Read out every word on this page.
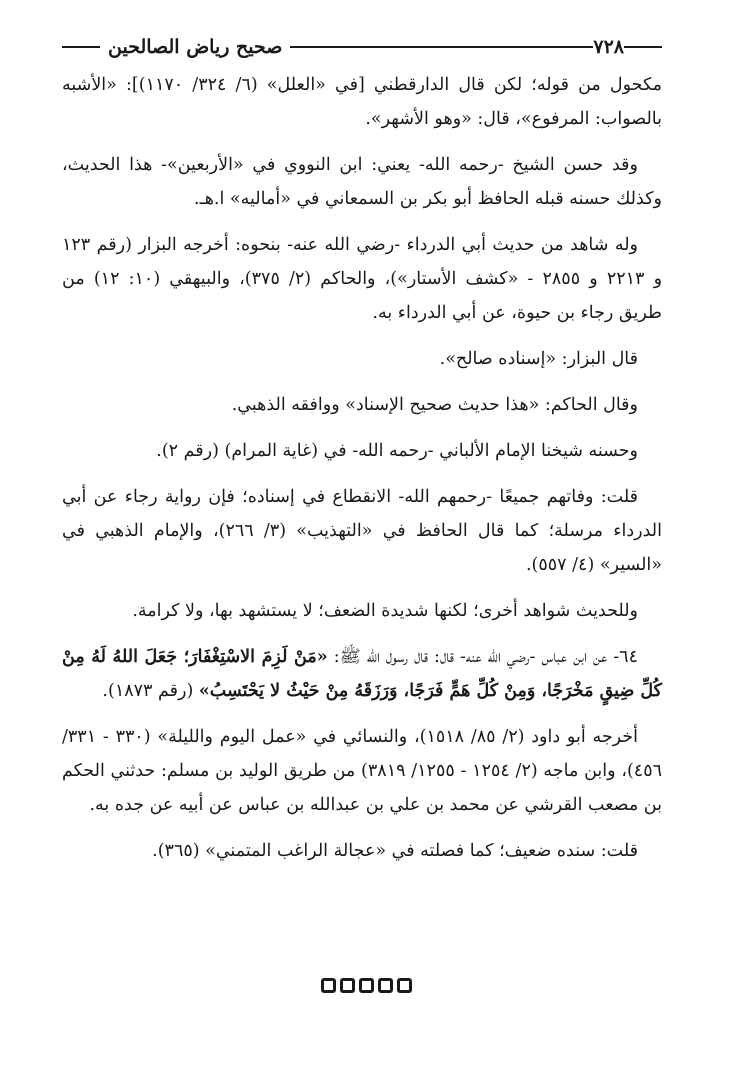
٧٢٨
صحيح رياض الصالحين

مكحول من قوله؛ لكن قال الدارقطني [في «العلل» (٦/ ٣٢٤/ ١١٧٠)]: «الأشبه بالصواب: المرفوع»، قال: «وهو الأشهر».

وقد حسن الشيخ -رحمه الله- يعني: ابن النووي في «الأربعين»- هذا الحديث، وكذلك حسنه قبله الحافظ أبو بكر بن السمعاني في «أماليه» ا.هـ.

وله شاهد من حديث أبي الدرداء -رضي الله عنه- بنحوه: أخرجه البزار (رقم ١٢٣ و ٢٢١٣ و ٢٨٥٥ - «كشف الأستار»)، والحاكم (٢/ ٣٧٥)، والبيهقي (١٠: ١٢) من طريق رجاء بن حيوة، عن أبي الدرداء به.

قال البزار: «إسناده صالح».

وقال الحاكم: «هذا حديث صحيح الإسناد» ووافقه الذهبي.

وحسنه شيخنا الإمام الألباني -رحمه الله- في (غاية المرام) (رقم ٢).

قلت: وفاتهم جميعًا -رحمهم الله- الانقطاع في إسناده؛ فإن رواية رجاء عن أبي الدرداء مرسلة؛ كما قال الحافظ في «التهذيب» (٣/ ٢٦٦)، والإمام الذهبي في «السير» (٤/ ٥٥٧).

وللحديث شواهد أخرى؛ لكنها شديدة الضعف؛ لا يستشهد بها، ولا كرامة.

٦٤- عن ابن عباس -رضي الله عنه- قال: قال رسول الله ﷺ: «مَنْ لَزِمَ الاسْتِغْفَارَ؛ جَعَلَ اللهُ لَهُ مِنْ كُلِّ ضِيقٍ مَخْرَجًا، وَمِنْ كُلِّ هَمٍّ فَرَجًا، وَرَزَقَهُ مِنْ حَيْثُ لا يَحْتَسِبُ» (رقم ١٨٧٣).

أخرجه أبو داود (٢/ ٨٥/ ١٥١٨)، والنسائي في «عمل اليوم والليلة» (٣٣٠ - ٣٣١/ ٤٥٦)، وابن ماجه (٢/ ١٢٥٤ - ١٢٥٥/ ٣٨١٩) من طريق الوليد بن مسلم: حدثني الحكم بن مصعب القرشي عن محمد بن علي بن عبدالله بن عباس عن أبيه عن جده به.

قلت: سنده ضعيف؛ كما فصلته في «عجالة الراغب المتمني» (٣٦٥).
